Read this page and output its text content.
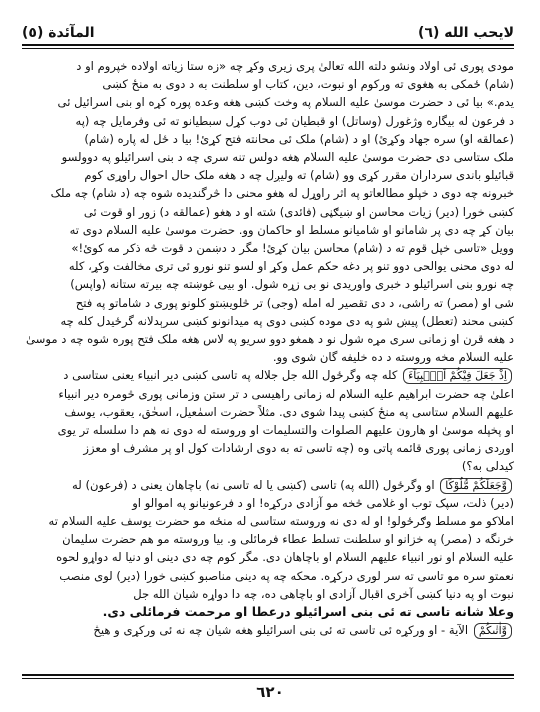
المآئدة (٥)	لايحب الله (٦)

مودی پوری ئی اولاد ونشو دلته الله تعالیٰ پری زیری وکړ چه «زه ستا زیاته اولاده خپروم او د

(شام) ځمکی به هغوی ته ورکوم او نبوت، دین، کتاب او سلطنت به د دوی به منځ کښی

یدم.» بیا ئی د حضرت موسیٰ علیه السلام په وخت کښی هغه وعده پوره کړه او بنی اسرائیل ئی

د فرعون له بیگاره وژغورل (وساتل) او قبطیان ئی دوب کړل سبطیانو ته ئی وفرمایل چه (په

(عمالقه او) سره جهاد وکړئ) او د (شام) ملک ئی محانته فتح کړئ! بیا د ځل له پاره (شام)

ملک ستاسی دی حضرت موسیٰ علیه السلام هغه دولس تنه سری چه د بنی اسرائیلو په دوولسو

قبائیلو باندی سرداران مقرر کړی وو (شام) ته ولیږل چه د هغه ملک حال احوال راوړی کوم

خبرونه چه دوی د خپلو مطالعاتو په اثر راوړل له هغو محنی دا څرگندیده شوه چه (د شام) چه ملک

کښی خورا (دیر) زیات محاسن او ښیګڼی (فائدی) شته او د هغو (عمالقه د) زور او قوت ئی

بیان کړ چه دی پر شامانو او شامیانو مسلط او حاکمان وو. حضرت موسیٰ علیه السلام دوی ته

وویل «تاسی خپل قوم ته د (شام) محاسن بیان کړئ! مگر د دښمن د قوت څه ذکر مه کوئ!»

له دوی محنی یوالحی دوو تنو پر دغه حکم عمل وکړ او لسو تنو نورو ئی تری مخالفت وکړ، کله

چه نورو بنی اسرائیلو د خبری واوریدی نو بی زړه شول. او بیی غوښته چه بیرته ستانه (واپس)

شی او (مصر) ته راشی، د دی تقصیر له امله (وجی) تر څلویښتو کلونو پوری د شاماتو په فتح

کښی محند (تعطل) پیښ شو په دی موده کښی دوی په میدانونو کښی سرېدلانه گرځیدل کله چه

د هغه قرن او زمانی سری مړه شول نو د همغو دوو سریو په لاس هغه ملک فتح پوره شوه چه د موسیٰ

علیه السلام مخه وروسته د ده خلیفه گان شوی وو.

اِذْ جَعَلَ فِيْكُمْ اَنْۢبِيَآءَ کله چه وگرځول الله جل جلاله په تاسی کښی دیر انبیاء یعنی ستاسی د

اعلیٰ چه حضرت ابراهیم علیه السلام له زمانی راهیسی د تر ستن وزمانی پوری څومره دیر انبیاء

علیهم السلام ستاسی په منځ کښی پیدا شوی دی. مثلاً حضرت اسمٰعیل، اسحٰق، یعقوب، یوسف

او پخپله موسیٰ او هارون علیهم الصلوات والتسلیمات او وروسته له دوی نه هم دا سلسله تر یوی

اوږدی زمانی پوری قائمه پاتی وه (چه تاسی ته به دوی ارشادات کول او پر مشرف او معزز

کیدلی به؟)

وَّجَعَلَكُمْ مُّلُوْكًا او وگرځول (الله په) تاسی (کښی یا له تاسی نه) باچاهان یعنی د (فرعون) له

(دیر) ذلت، سپک توب او غلامی څخه مو آزادی درکړه! او د فرعونیانو په اموالو او

املاکو مو مسلط وګرځولو! او له دی نه وروسته ستاسی له منځه مو حضرت یوسف علیه السلام ته

خرنگه د (مصر) په خزانو او سلطنت تسلط عطاء فرمائلی و. بیا وروسته مو هم حضرت سلیمان

علیه السلام او نور انبیاء علیهم السلام او باچاهان دی. مگر کوم چه دی دینی او دنیا له دواړو لحوه

نعمتو سره مو تاسی ته سر لوری درکړه. محکه چه په دینی مناصبو کښی خورا (دیر) لوی منصب

نبوت او په دنیا کښی آخری اقبال آزادی او باچاهی ده، چه دا دواړه شیان الله جل

وعلا شانه تاسی ته ئی بنی اسرائیلو درعطا او مرحمت فرمائلی دی.

وَّاٰتٰىكُمْ الآیة - او ورکړه ئی تاسی ته ئی بنی اسرائیلو هغه شیان چه نه ئی ورکړی و هیڅ

٦٢٠
